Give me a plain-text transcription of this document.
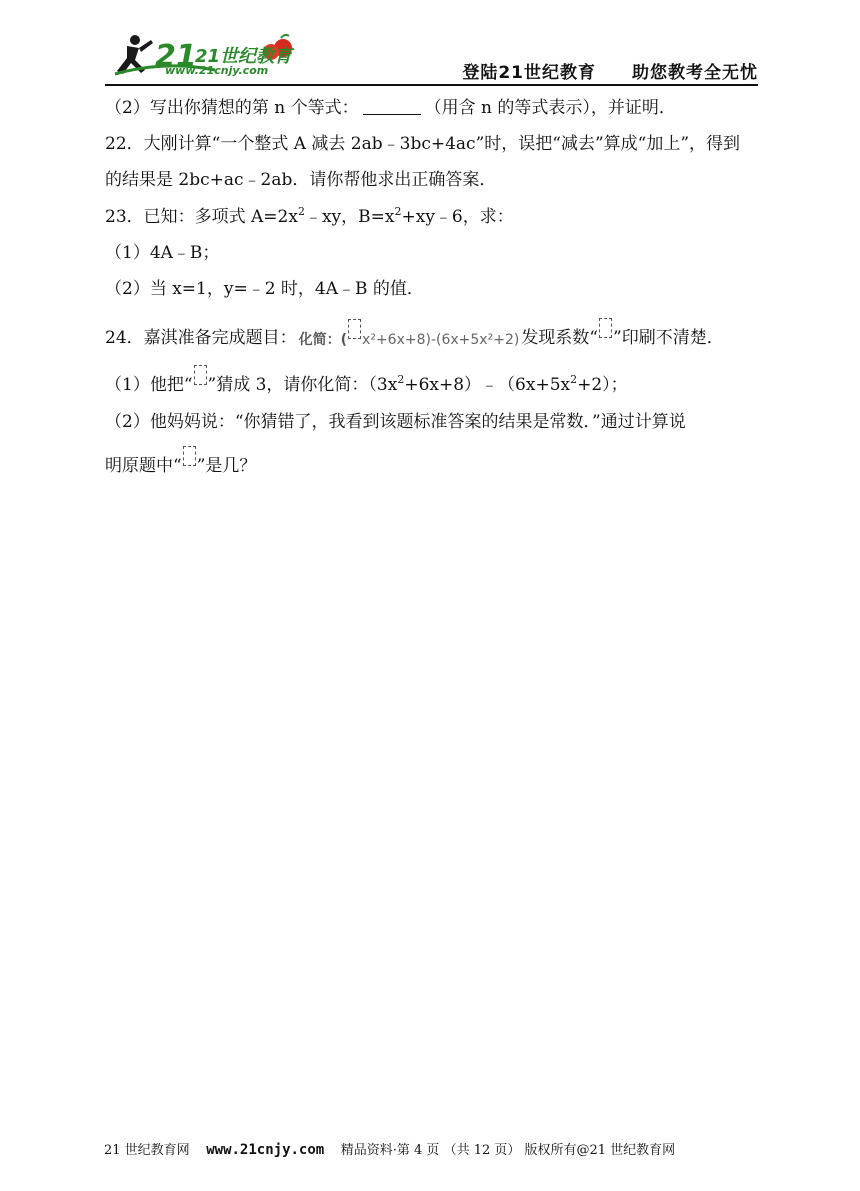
21
21世纪教育
www.21cnjy.com	登陆21世纪教育　　助您教考全无忧
（2）写出你猜想的第 n 个等式：	（用含 n 的等式表示），并证明．
22．大刚计算“一个整式 A 减去 2ab﹣3bc+4ac”时，误把“减去”算成“加上”，得到
的结果是 2bc+ac﹣2ab．请你帮他求出正确答案．
23．已知：多项式 $A=2x^2﹣xy$，$B=x^2+xy﹣6$，求：
（1）4A﹣B；
（2）当 x=1，y=﹣2 时，4A﹣B 的值．
24．嘉淇准备完成题目： 化简：( x²+6x+8)-(6x+5x²+2) 发现系数“ ”印刷不清楚．
（1）他把“ ”猜成 3，请你化简：$(3x^2+6x+8)﹣(6x+5x^2+2)$；
（2）他妈妈说：“你猜错了，我看到该题标准答案的结果是常数．”通过计算说
明原题中“ ”是几？
21 世纪教育网 www.21cnjy.com 精品资料·第 4 页 （共 12 页） 版权所有@21 世纪教育网
